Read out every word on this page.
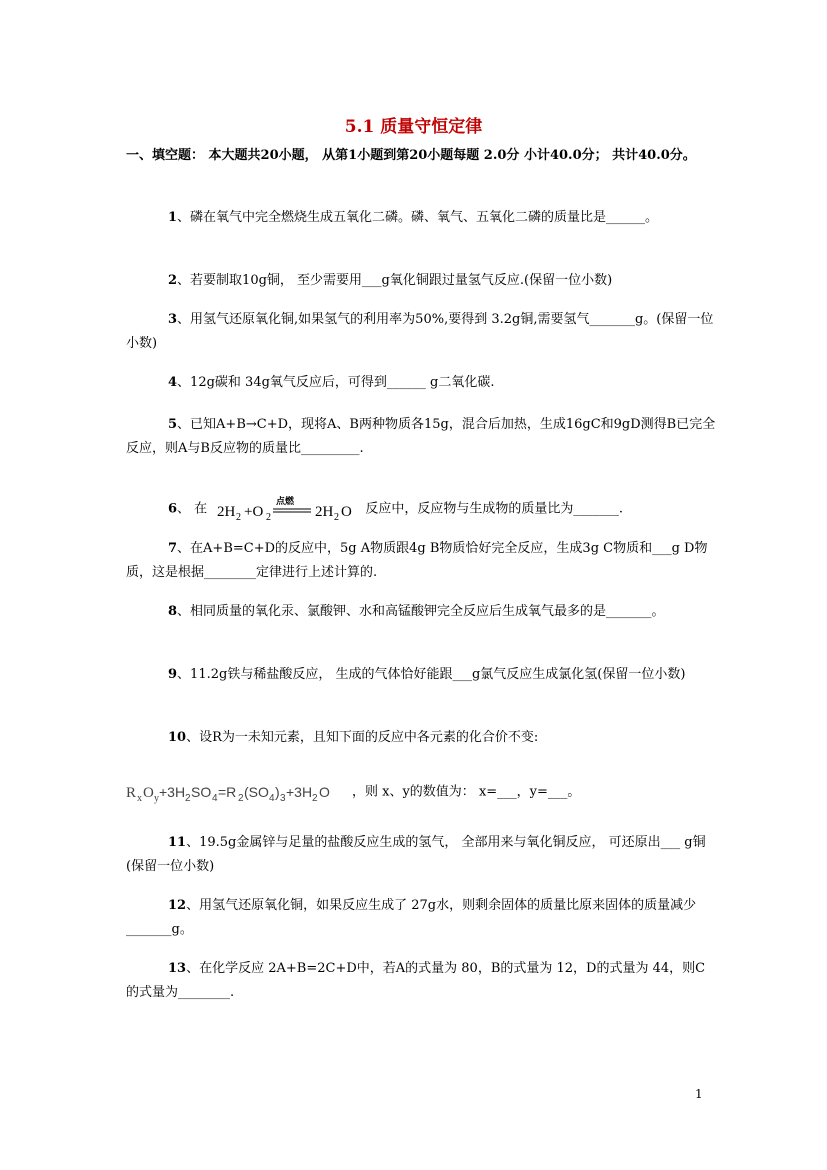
5.1 质量守恒定律
一、填空题： 本大题共20小题， 从第1小题到第20小题每题 2.0分 小计40.0分； 共计40.0分。
1、磷在氧气中完全燃烧生成五氧化二磷。磷、氧气、五氧化二磷的质量比是______。
2、若要制取10g铜， 至少需要用___g氧化铜跟过量氢气反应.(保留一位小数)
3、用氢气还原氧化铜,如果氢气的利用率为50%,要得到 3.2g铜,需要氢气_______g。(保留一位小数)
4、12g碳和 34g氧气反应后，可得到______ g二氧化碳.
5、已知A+B→C+D，现将A、B两种物质各15g，混合后加热，生成16gC和9gD测得B已完全反应，则A与B反应物的质量比_________.
6、 在 2H 2 +O 2
点燃
2H 2 O 反应中，反应物与生成物的质量比为_______.
7、在A+B=C+D的反应中，5g A物质跟4g B物质恰好完全反应，生成3g C物质和___g D物质，这是根据________定律进行上述计算的.
8、相同质量的氧化汞、氯酸钾、水和高锰酸钾完全反应后生成氧气最多的是_______。
9、11.2g铁与稀盐酸反应， 生成的气体恰好能跟___g氯气反应生成氯化氢(保留一位小数)
10、设R为一未知元素，且知下面的反应中各元素的化合价不变:
R x O y +3H 2 SO 4 =R 2 (SO 4 ) 3 +3H 2 O ，则 x、y的数值为： x=___，y=___。
11、19.5g金属锌与足量的盐酸反应生成的氢气， 全部用来与氧化铜反应， 可还原出___ g铜(保留一位小数)
12、用氢气还原氧化铜，如果反应生成了 27g水，则剩余固体的质量比原来固体的质量减少_______g。
13、在化学反应 2A+B=2C+D中，若A的式量为 80，B的式量为 12，D的式量为 44，则C的式量为________.
1
